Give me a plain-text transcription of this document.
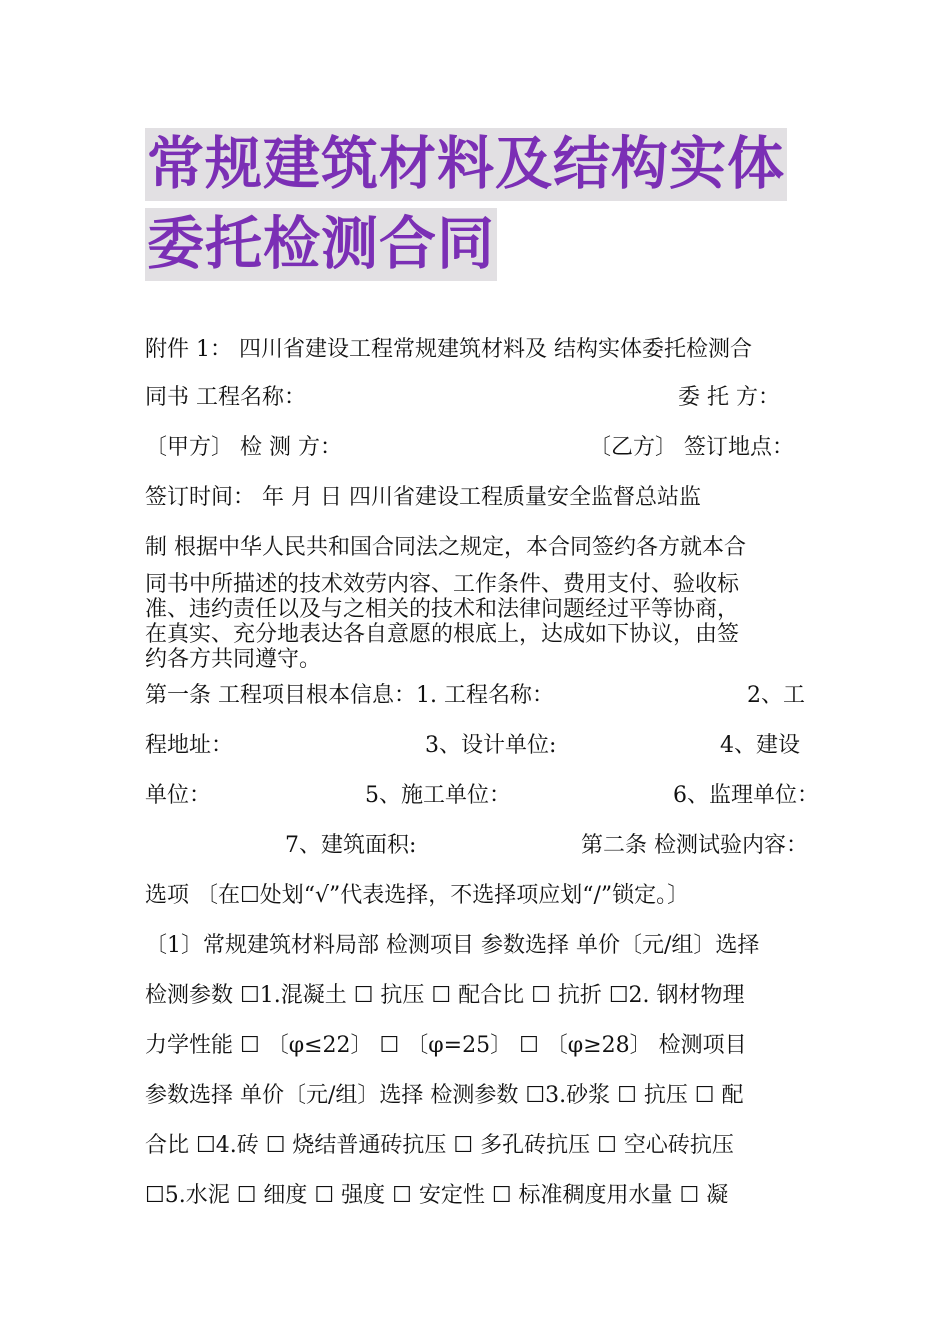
常规建筑材料及结构实体
委托检测合同
附件 1： 四川省建设工程常规建筑材料及 结构实体委托检测合
同书 工程名称：	委 托 方：
〔甲方〕 检 测 方：	〔乙方〕 签订地点：
签订时间： 年 月 日 四川省建设工程质量安全监督总站监
制 根据中华人民共和国合同法之规定，本合同签约各方就本合
同书中所描述的技术效劳内容、工作条件、费用支付、验收标
准、违约责任以及与之相关的技术和法律问题经过平等协商，
在真实、充分地表达各自意愿的根底上，达成如下协议，由签
约各方共同遵守。
第一条 工程项目根本信息：1. 工程名称：	2、工
程地址：	3、设计单位:	4、建设
单位：	5、施工单位：	6、监理单位：
7、建筑面积:	第二条 检测试验内容：
选项 〔在☐处划“√”代表选择，不选择项应划“/”锁定。〕
〔1〕常规建筑材料局部 检测项目 参数选择 单价〔元/组〕选择
检测参数 ☐1.混凝土 ☐ 抗压 ☐ 配合比 ☐ 抗折 ☐2. 钢材物理
力学性能 ☐ 〔φ≤22〕 ☐ 〔φ=25〕 ☐ 〔φ≥28〕 检测项目
参数选择 单价〔元/组〕选择 检测参数 ☐3.砂浆 ☐ 抗压 ☐ 配
合比 ☐4.砖 ☐ 烧结普通砖抗压 ☐ 多孔砖抗压 ☐ 空心砖抗压
☐5.水泥 ☐ 细度 ☐ 强度 ☐ 安定性 ☐ 标准稠度用水量 ☐ 凝
